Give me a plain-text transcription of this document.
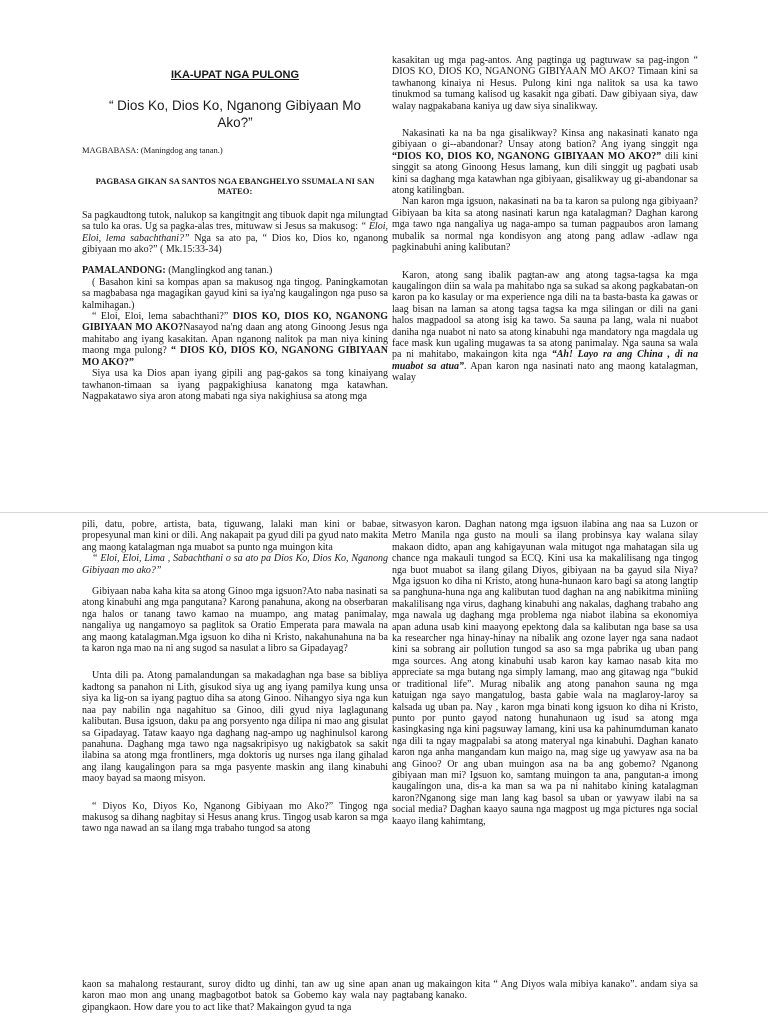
IKA-UPAT NGA PULONG

“ Dios Ko, Dios Ko, Nganong Gibiyaan Mo Ako?”

MAGBABASA: (Maningdog ang tanan.)

PAGBASA GIKAN SA SANTOS NGA EBANGHELYO SSUMALA NI SAN MATEO:

Sa pagkaudtong tutok, nalukop sa kangitngit ang tibuok dapit nga milungtad sa tulo ka oras. Ug sa pagka-alas tres, mituwaw si Jesus sa makusog: “ Eloi, Eloi, lema sabachthani?” Nga sa ato pa, “ Dios ko, Dios ko, nganong gibiyaan mo ako?” ( Mk.15:33-34)

PAMALANDONG: (Manglingkod ang tanan.)

( Basahon kini sa kompas apan sa makusog nga tingog. Paningkamotan sa magbabasa nga magagikan gayud kini sa iya'ng kaugalingon nga puso sa kalmihagan.)

“ Eloi, Eloi, lema sabachthani?” DIOS KO, DIOS KO, NGANONG GIBIYAAN MO AKO?Nasayod na'ng daan ang atong Ginoong Jesus nga mahitabo ang iyang kasakitan. Apan nganong nalitok pa man niya kining maong mga pulong? “ DIOS KO, DIOS KO, NGANONG GIBIYAAN MO AKO?”

Siya usa ka Dios apan iyang gipili ang pag-gakos sa tong kinaiyang tawhanon-timaan sa iyang pagpakighiusa kanatong mga katawhan. Nagpakatawo siya aron atong mabati nga siya nakighiusa sa atong mga

kasakitan ug mga pag-antos. Ang pagtinga ug pagtuwaw sa pag-ingon “ DIOS KO, DIOS KO, NGANONG GIBIYAAN MO AKO? Timaan kini sa tawhanong kinaiya ni Hesus. Pulong kini nga nalitok sa usa ka tawo tinukmod sa tumang kalisod ug kasakit nga gibati. Daw gibiyaan siya, daw walay nagpakabana kaniya ug daw siya sinalikway.

Nakasinati ka na ba nga gisalikway? Kinsa ang nakasinati kanato nga gibiyaan o gi--abandonar? Unsay atong bation? Ang iyang singgit nga “DIOS KO, DIOS KO, NGANONG GIBIYAAN MO AKO?” dili kini singgit sa atong Ginoong Hesus lamang, kun dili singgit ug pagbati usab kini sa daghang mga katawhan nga gibiyaan, gisalikway ug gi-abandonar sa atong katilingban.

Nan karon mga igsuon, nakasinati na ba ta karon sa pulong nga gibiyaan? Gibiyaan ba kita sa atong nasinati karun nga katalagman? Daghan karong mga tawo nga nangaliya ug naga-ampo sa tuman pagpaubos aron lamang mubalik sa normal nga kondisyon ang atong pang adlaw -adlaw nga pagkinabuhi aning kalibutan?

Karon, atong sang ibalik pagtan-aw ang atong tagsa-tagsa ka mga kaugalingon diin sa wala pa mahitabo nga sa sukad sa akong pagkabatan-on karon pa ko kasulay or ma experience nga dili na ta basta-basta ka gawas or laag bisan na laman sa atong tagsa tagsa ka mga silingan or dili na gani halos magpadool sa atong isig ka tawo. Sa sauna pa lang, wala ni nuabot daniha nga nuabot ni nato sa atong kinabuhi nga mandatory nga magdala ug face mask kun ugaling mugawas ta sa atong panimalay. Nga sauna sa wala pa ni mahitabo, makaingon kita nga “Ah! Layo ra ang China , di na muabot sa atua”. Apan karon nga nasinati nato ang maong katalagman, walay

pili, datu, pobre, artista, bata, tiguwang, lalaki man kini or babae, propesyunal man kini or dili. Ang nakapait pa gyud dili pa gyud nato makita ang maong katalagman nga muabot sa punto nga muingon kita

“ Eloi, Eloi, Lima , Sabachthani o sa ato pa Dios Ko, Dios Ko, Nganong Gibiyaan mo ako?”

Gibiyaan naba kaha kita sa atong Ginoo mga igsuon?Ato naba nasinati sa atong kinabuhi ang mga pangutana? Karong panahuna, akong na obserbaran nga halos or tanang tawo kamao na muampo, ang matag panimalay, nangaliya ug nangamoyo sa paglitok sa Oratio Emperata para mawala na ang maong katalagman.Mga igsuon ko diha ni Kristo, nakahunahuna na ba ta karon nga mao na ni ang sugod sa nasulat a libro sa Gipadayag?

Unta dili pa. Atong pamalandungan sa makadaghan nga base sa bibliya kadtong sa panahon ni Lith, gisukod siya ug ang iyang pamilya kung unsa siya ka lig-on sa iyang pagtuo diha sa atong Ginoo. Nihangyo siya nga kun naa pay nabilin nga nagahituo sa Ginoo, dili gyud niya laglagunang kalibutan. Busa igsuon, daku pa ang porsyento nga dilipa ni mao ang gisulat sa Gipadayag. Tataw kaayo nga daghang nag-ampo ug naghinulsol karong panahuna. Daghang mga tawo nga nagsakripisyo ug nakigbatok sa sakit ilabina sa atong mga frontliners, mga doktoris ug nurses nga ilang gihalad ang ilang kaugalingon para sa mga pasyente maskin ang ilang kinabuhi maoy bayad sa maong misyon.

“ Diyos Ko, Diyos Ko, Nganong Gibiyaan mo Ako?” Tingog nga makusog sa dihang nagbitay si Hesus anang krus. Tingog usab karon sa mga tawo nga nawad an sa ilang mga trabaho tungod sa atong

sitwasyon karon. Daghan natong mga igsuon ilabina ang naa sa Luzon or Metro Manila nga gusto na mouli sa ilang probinsya kay walana silay makaon didto, apan ang kahigayunan wala mitugot nga mahatagan sila ug chance nga makauli tungod sa ECQ. Kini usa ka makalilisang nga tingog nga buot muabot sa ilang gilang Diyos, gibiyaan na ba gayud sila Niya? Mga igsuon ko diha ni Kristo, atong huna-hunaon karo bagi sa atong langtip sa panghuna-huna nga ang kalibutan tuod daghan na ang nabikitma miniing makalilisang nga virus, daghang kinabuhi ang nakalas, daghang trabaho ang mga nawala ug daghang mga problema nga niabot ilabina sa ekonomiya apan aduna usab kini maayong epektong dala sa kalibutan nga base sa usa ka researcher nga hinay-hinay na nibalik ang ozone layer nga sana nadaot kini sa sobrang air pollution tungod sa aso sa mga pabrika ug uban pang mga sources. Ang atong kinabuhi usab karon kay kamao nasab kita mo appreciate sa mga butang nga simply lamang, mao ang gitawag nga “bukid or traditional life”. Murag nibalik ang atong panahon sauna ng mga katuigan nga sayo mangatulog, basta gabie wala na maglaroy-laroy sa kalsada ug uban pa. Nay , karon mga binati kong igsuon ko diha ni Kristo, punto por punto gayod natong hunahunaon ug isud sa atong mga kasingkasing nga kini pagsuway lamang, kini usa ka pahinumduman kanato nga dili ta ngay magpalabi sa atong materyal nga kinabuhi. Daghan kanato karon nga anha mangandam kun maigo na, mag sige ug yawyaw asa na ba ang Ginoo? Or ang uban muingon asa na ba ang gobemo? Nganong gibiyaan man mi? Igsuon ko, samtang muingon ta ana, pangutan-a imong kaugalingon una, dis-a ka man sa wa pa ni nahitabo kining katalagman karon?Nganong sige man lang kag basol sa uban or yawyaw ilabi na sa social media? Daghan kaayo sauna nga magpost ug mga pictures nga social kaayo ilang kahimtang,

kaon sa mahalong restaurant, suroy didto ug dinhi, tan aw ug sine apan karon mao mon ang unang magbagotbot batok sa Gobemo kay wala nay gipangkaon. How dare you to act like that? Makaingon gyud ta nga

anan ug makaingon kita “ Ang Diyos wala mibiya kanako”. andam siya sa pagtabang kanako.
